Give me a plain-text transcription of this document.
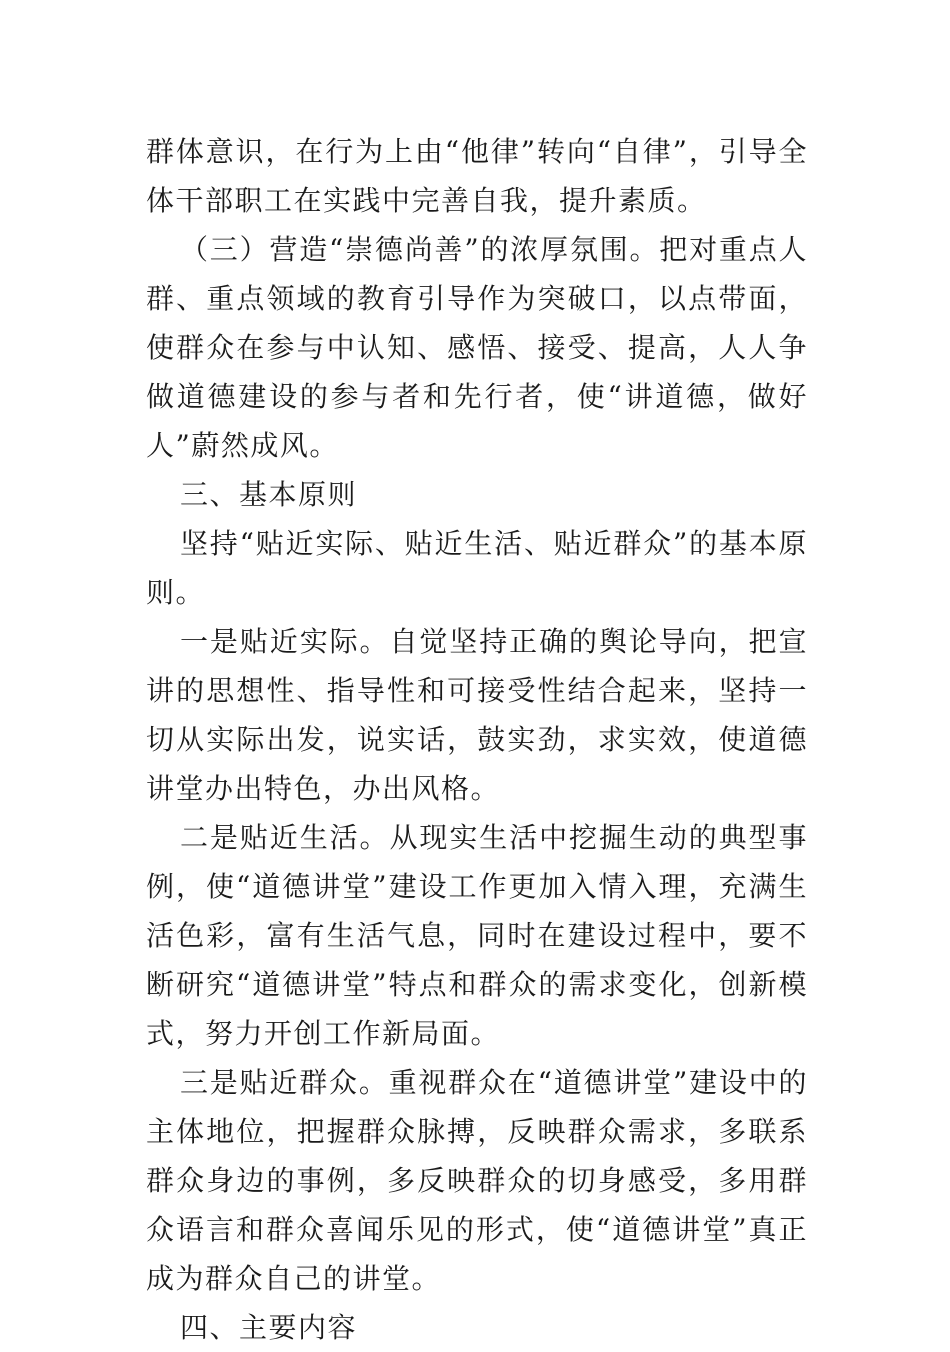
群体意识，在行为上由“他律”转向“自律”，引导全体干部职工在实践中完善自我，提升素质。

（三）营造“崇德尚善”的浓厚氛围。把对重点人群、重点领域的教育引导作为突破口，以点带面，使群众在参与中认知、感悟、接受、提高，人人争做道德建设的参与者和先行者，使“讲道德，做好人”蔚然成风。

三、基本原则

坚持“贴近实际、贴近生活、贴近群众”的基本原则。

一是贴近实际。自觉坚持正确的舆论导向，把宣讲的思想性、指导性和可接受性结合起来，坚持一切从实际出发，说实话，鼓实劲，求实效，使道德讲堂办出特色，办出风格。

二是贴近生活。从现实生活中挖掘生动的典型事例，使“道德讲堂”建设工作更加入情入理，充满生活色彩，富有生活气息，同时在建设过程中，要不断研究“道德讲堂”特点和群众的需求变化，创新模式，努力开创工作新局面。

三是贴近群众。重视群众在“道德讲堂”建设中的主体地位，把握群众脉搏，反映群众需求，多联系群众身边的事例，多反映群众的切身感受，多用群众语言和群众喜闻乐见的形式，使“道德讲堂”真正成为群众自己的讲堂。

四、主要内容
